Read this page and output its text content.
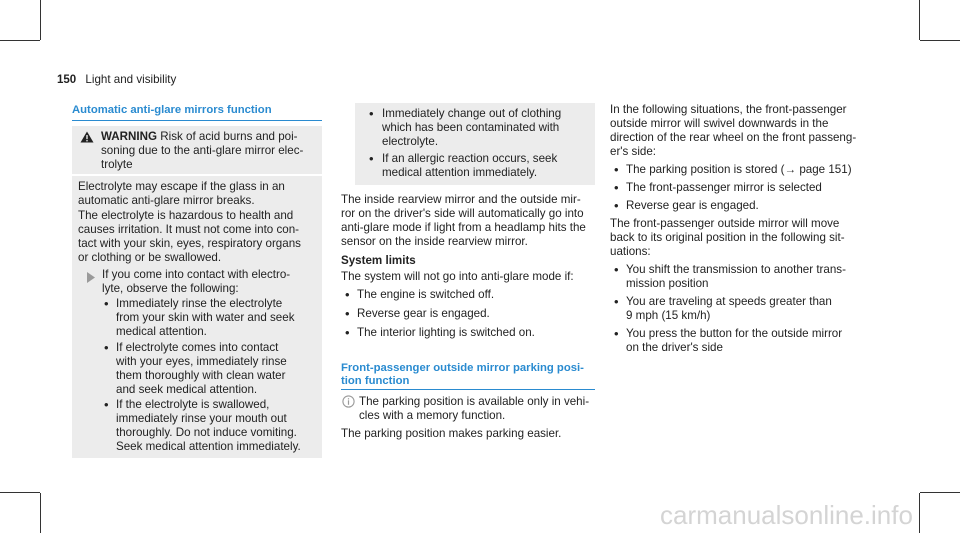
150 Light and visibility
Automatic anti-glare mirrors function
WARNING Risk of acid burns and poi-
soning due to the anti-glare mirror elec-
trolyte
Electrolyte may escape if the glass in an
automatic anti-glare mirror breaks.
The electrolyte is hazardous to health and
causes irritation. It must not come into con-
tact with your skin, eyes, respiratory organs
or clothing or be swallowed.
If you come into contact with electro-
lyte, observe the following:
• Immediately rinse the electrolyte
from your skin with water and seek
medical attention.
• If electrolyte comes into contact
with your eyes, immediately rinse
them thoroughly with clean water
and seek medical attention.
• If the electrolyte is swallowed,
immediately rinse your mouth out
thoroughly. Do not induce vomiting.
Seek medical attention immediately.
• Immediately change out of clothing
which has been contaminated with
electrolyte.
• If an allergic reaction occurs, seek
medical attention immediately.
The inside rearview mirror and the outside mir-
ror on the driver's side will automatically go into
anti-glare mode if light from a headlamp hits the
sensor on the inside rearview mirror.
System limits
The system will not go into anti-glare mode if:
• The engine is switched off.
• Reverse gear is engaged.
• The interior lighting is switched on.
Front-passenger outside mirror parking posi-
tion function
The parking position is available only in vehi-
cles with a memory function.
The parking position makes parking easier.
In the following situations, the front-passenger
outside mirror will swivel downwards in the
direction of the rear wheel on the front passeng-
er's side:
• The parking position is stored (→ page 151)
• The front-passenger mirror is selected
• Reverse gear is engaged.
The front-passenger outside mirror will move
back to its original position in the following sit-
uations:
• You shift the transmission to another trans-
mission position
• You are traveling at speeds greater than
9 mph (15 km/h)
• You press the button for the outside mirror
on the driver's side
carmanualsonline.info
